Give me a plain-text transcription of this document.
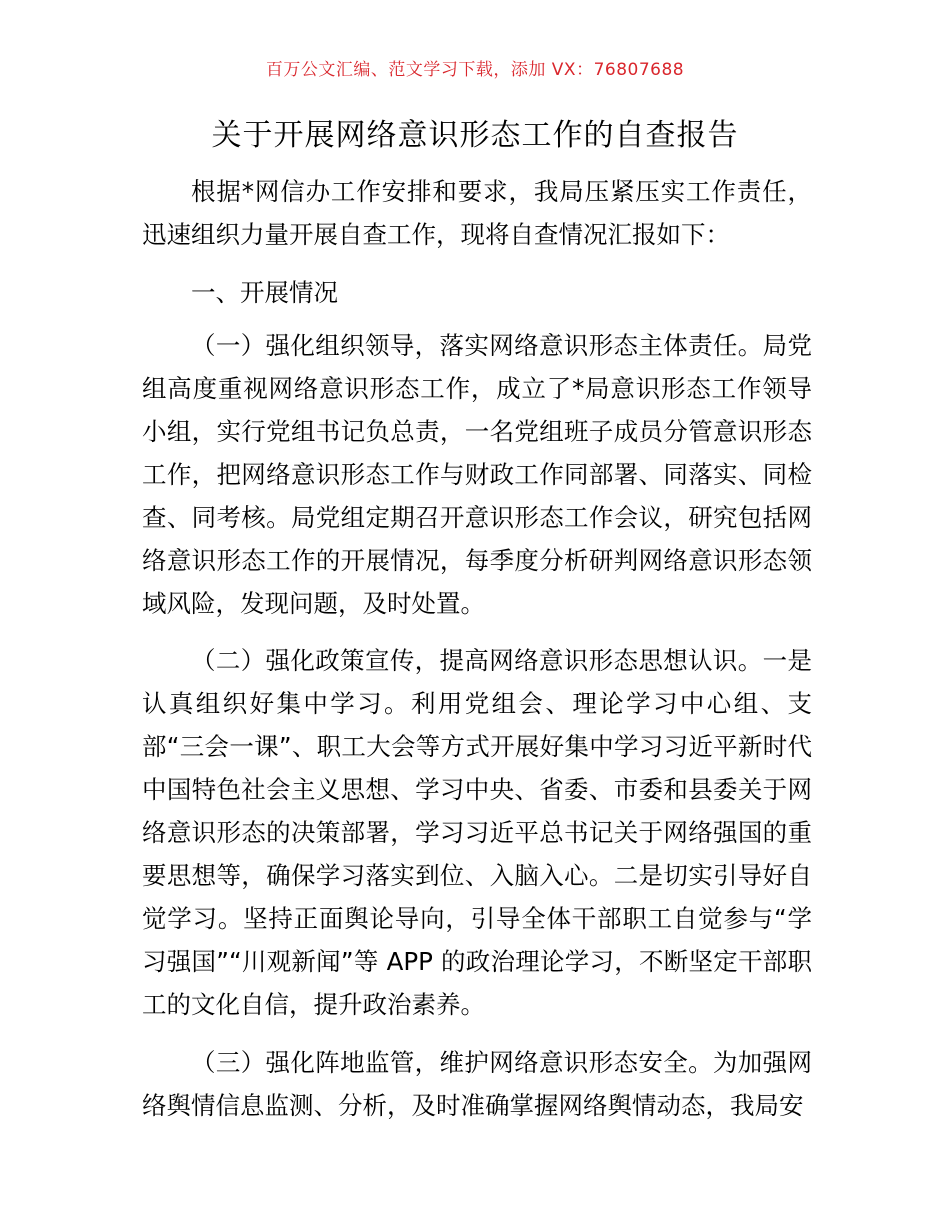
百万公文汇编、范文学习下载，添加 VX：76807688
关于开展网络意识形态工作的自查报告

根据*网信办工作安排和要求，我局压紧压实工作责任，迅速组织力量开展自查工作，现将自查情况汇报如下：

一、开展情况

（一）强化组织领导，落实网络意识形态主体责任。局党组高度重视网络意识形态工作，成立了*局意识形态工作领导小组，实行党组书记负总责，一名党组班子成员分管意识形态工作，把网络意识形态工作与财政工作同部署、同落实、同检查、同考核。局党组定期召开意识形态工作会议，研究包括网络意识形态工作的开展情况，每季度分析研判网络意识形态领域风险，发现问题，及时处置。

（二）强化政策宣传，提高网络意识形态思想认识。一是认真组织好集中学习。利用党组会、理论学习中心组、支部“三会一课”、职工大会等方式开展好集中学习习近平新时代中国特色社会主义思想、学习中央、省委、市委和县委关于网络意识形态的决策部署，学习习近平总书记关于网络强国的重要思想等，确保学习落实到位、入脑入心。二是切实引导好自觉学习。坚持正面舆论导向，引导全体干部职工自觉参与“学习强国”“川观新闻”等 APP 的政治理论学习，不断坚定干部职工的文化自信，提升政治素养。

（三）强化阵地监管，维护网络意识形态安全。为加强网络舆情信息监测、分析，及时准确掌握网络舆情动态，我局安
